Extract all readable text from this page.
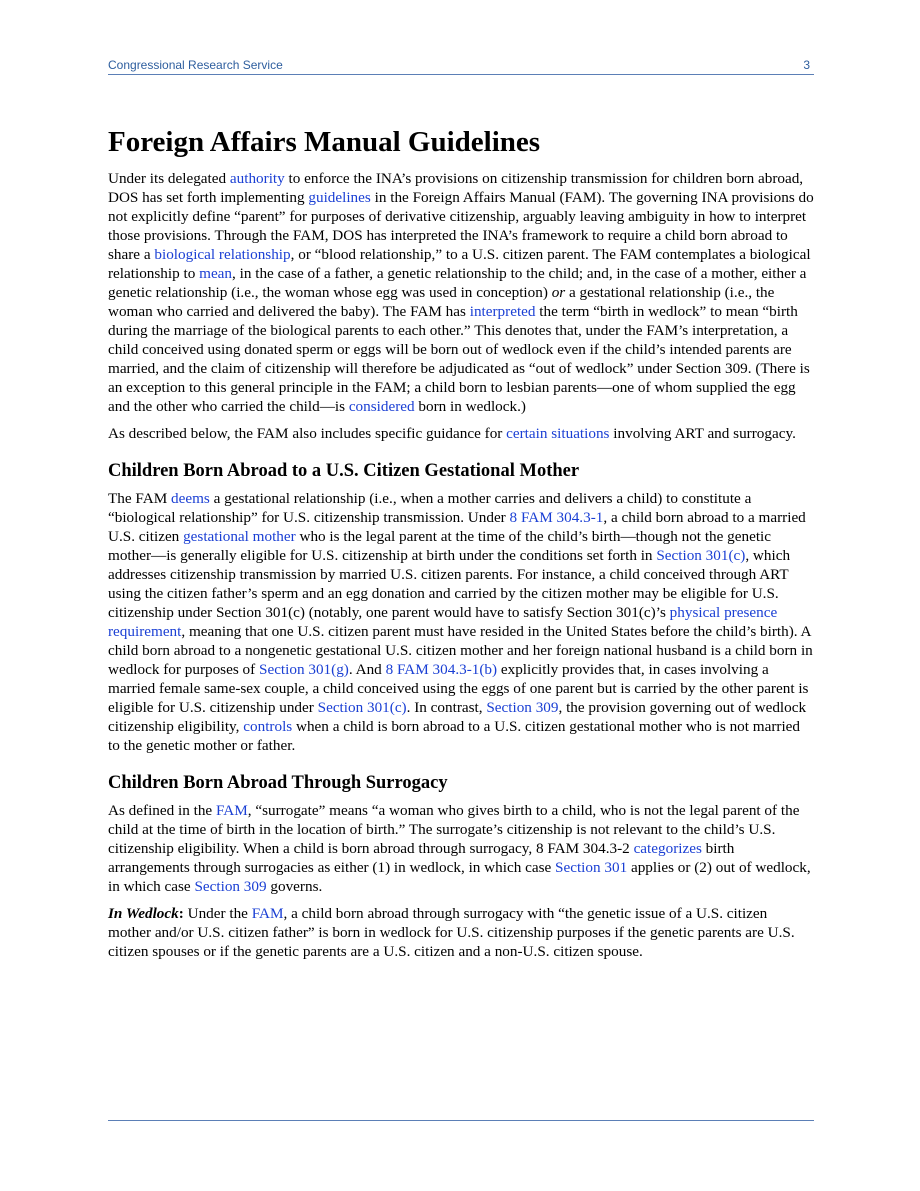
Congressional Research Service	3
Foreign Affairs Manual Guidelines

Under its delegated authority to enforce the INA’s provisions on citizenship transmission for children born abroad, DOS has set forth implementing guidelines in the Foreign Affairs Manual (FAM). The governing INA provisions do not explicitly define “parent” for purposes of derivative citizenship, arguably leaving ambiguity in how to interpret those provisions. Through the FAM, DOS has interpreted the INA’s framework to require a child born abroad to share a biological relationship, or “blood relationship,” to a U.S. citizen parent. The FAM contemplates a biological relationship to mean, in the case of a father, a genetic relationship to the child; and, in the case of a mother, either a genetic relationship (i.e., the woman whose egg was used in conception) or a gestational relationship (i.e., the woman who carried and delivered the baby). The FAM has interpreted the term “birth in wedlock” to mean “birth during the marriage of the biological parents to each other.” This denotes that, under the FAM’s interpretation, a child conceived using donated sperm or eggs will be born out of wedlock even if the child’s intended parents are married, and the claim of citizenship will therefore be adjudicated as “out of wedlock” under Section 309. (There is an exception to this general principle in the FAM; a child born to lesbian parents—one of whom supplied the egg and the other who carried the child—is considered born in wedlock.)

As described below, the FAM also includes specific guidance for certain situations involving ART and surrogacy.

Children Born Abroad to a U.S. Citizen Gestational Mother

The FAM deems a gestational relationship (i.e., when a mother carries and delivers a child) to constitute a “biological relationship” for U.S. citizenship transmission. Under 8 FAM 304.3-1, a child born abroad to a married U.S. citizen gestational mother who is the legal parent at the time of the child’s birth—though not the genetic mother—is generally eligible for U.S. citizenship at birth under the conditions set forth in Section 301(c), which addresses citizenship transmission by married U.S. citizen parents. For instance, a child conceived through ART using the citizen father’s sperm and an egg donation and carried by the citizen mother may be eligible for U.S. citizenship under Section 301(c) (notably, one parent would have to satisfy Section 301(c)’s physical presence requirement, meaning that one U.S. citizen parent must have resided in the United States before the child’s birth). A child born abroad to a nongenetic gestational U.S. citizen mother and her foreign national husband is a child born in wedlock for purposes of Section 301(g). And 8 FAM 304.3-1(b) explicitly provides that, in cases involving a married female same-sex couple, a child conceived using the eggs of one parent but is carried by the other parent is eligible for U.S. citizenship under Section 301(c). In contrast, Section 309, the provision governing out of wedlock citizenship eligibility, controls when a child is born abroad to a U.S. citizen gestational mother who is not married to the genetic mother or father.

Children Born Abroad Through Surrogacy

As defined in the FAM, “surrogate” means “a woman who gives birth to a child, who is not the legal parent of the child at the time of birth in the location of birth.” The surrogate’s citizenship is not relevant to the child’s U.S. citizenship eligibility. When a child is born abroad through surrogacy, 8 FAM 304.3-2 categorizes birth arrangements through surrogacies as either (1) in wedlock, in which case Section 301 applies or (2) out of wedlock, in which case Section 309 governs.

In Wedlock: Under the FAM, a child born abroad through surrogacy with “the genetic issue of a U.S. citizen mother and/or U.S. citizen father” is born in wedlock for U.S. citizenship purposes if the genetic parents are U.S. citizen spouses or if the genetic parents are a U.S. citizen and a non-U.S. citizen spouse.
